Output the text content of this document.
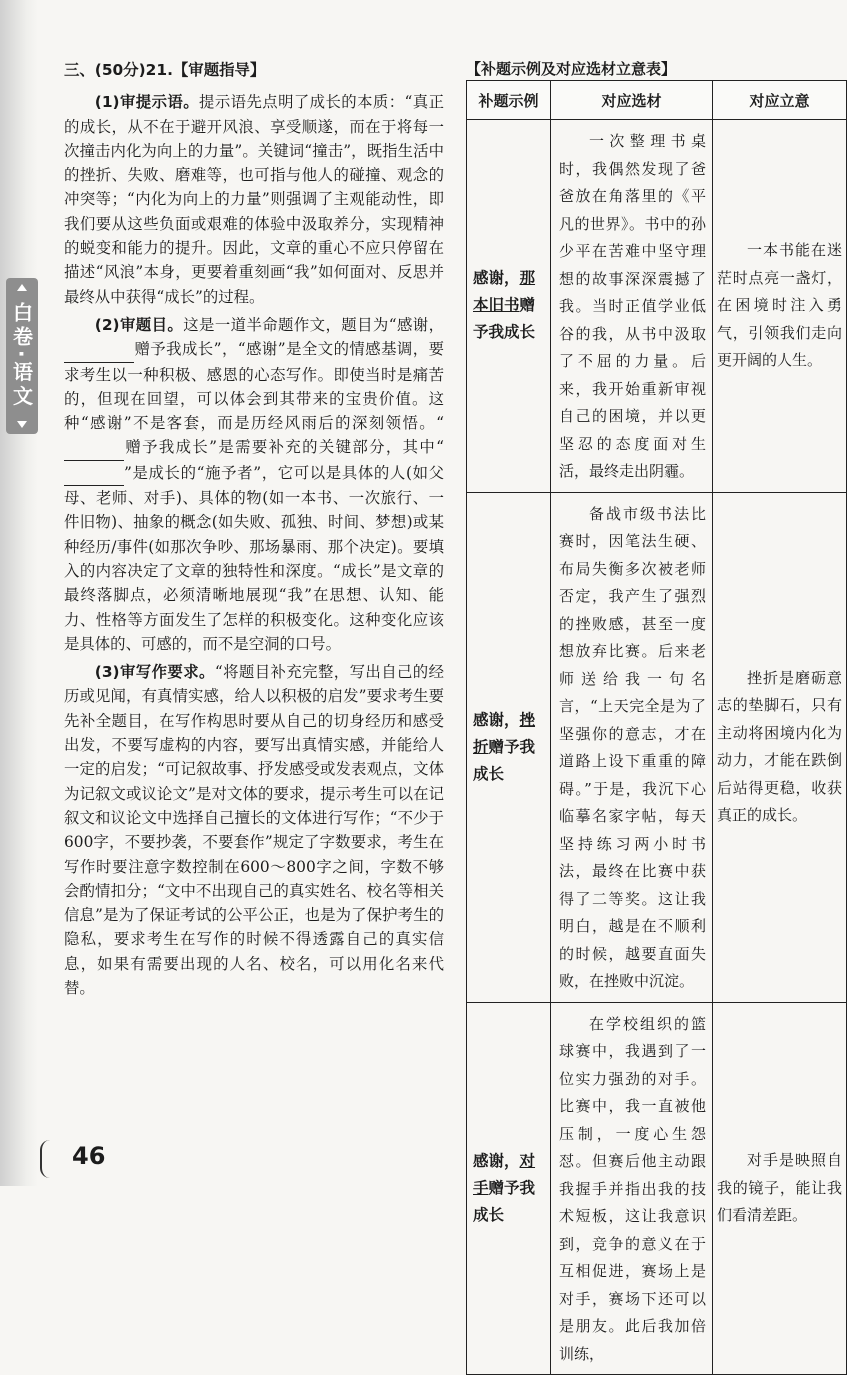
白卷·语文
三、(50分)21.【审题指导】

(1)审提示语。提示语先点明了成长的本质：“真正的成长，从不在于避开风浪、享受顺遂，而在于将每一次撞击内化为向上的力量”。关键词“撞击”，既指生活中的挫折、失败、磨难等，也可指与他人的碰撞、观念的冲突等；“内化为向上的力量”则强调了主观能动性，即我们要从这些负面或艰难的体验中汲取养分，实现精神的蜕变和能力的提升。因此，文章的重心不应只停留在描述“风浪”本身，更要着重刻画“我”如何面对、反思并最终从中获得“成长”的过程。

(2)审题目。这是一道半命题作文，题目为“感谢，赠予我成长”，“感谢”是全文的情感基调，要求考生以一种积极、感恩的心态写作。即使当时是痛苦的，但现在回望，可以体会到其带来的宝贵价值。这种“感谢”不是客套，而是历经风雨后的深刻领悟。“赠予我成长”是需要补充的关键部分，其中“”是成长的“施予者”，它可以是具体的人(如父母、老师、对手)、具体的物(如一本书、一次旅行、一件旧物)、抽象的概念(如失败、孤独、时间、梦想)或某种经历/事件(如那次争吵、那场暴雨、那个决定)。要填入的内容决定了文章的独特性和深度。“成长”是文章的最终落脚点，必须清晰地展现“我”在思想、认知、能力、性格等方面发生了怎样的积极变化。这种变化应该是具体的、可感的，而不是空洞的口号。

(3)审写作要求。“将题目补充完整，写出自己的经历或见闻，有真情实感，给人以积极的启发”要求考生要先补全题目，在写作构思时要从自己的切身经历和感受出发，不要写虚构的内容，要写出真情实感，并能给人一定的启发；“可记叙故事、抒发感受或发表观点，文体为记叙文或议论文”是对文体的要求，提示考生可以在记叙文和议论文中选择自己擅长的文体进行写作；“不少于600字，不要抄袭，不要套作”规定了字数要求，考生在写作时要注意字数控制在600～800字之间，字数不够会酌情扣分；“文中不出现自己的真实姓名、校名等相关信息”是为了保证考试的公平公正，也是为了保护考生的隐私，要求考生在写作的时候不得透露自己的真实信息，如果有需要出现的人名、校名，可以用化名来代替。

46
【补题示例及对应选材立意表】
补题示例	对应选材	对应立意
感谢，那本旧书赠予我成长	一次整理书桌时，我偶然发现了爸爸放在角落里的《平凡的世界》。书中的孙少平在苦难中坚守理想的故事深深震撼了我。当时正值学业低谷的我，从书中汲取了不屈的力量。后来，我开始重新审视自己的困境，并以更坚忍的态度面对生活，最终走出阴霾。	一本书能在迷茫时点亮一盏灯，在困境时注入勇气，引领我们走向更开阔的人生。

感谢，挫折赠予我成长	备战市级书法比赛时，因笔法生硬、布局失衡多次被老师否定，我产生了强烈的挫败感，甚至一度想放弃比赛。后来老师送给我一句名言，“上天完全是为了坚强你的意志，才在道路上设下重重的障碍。”于是，我沉下心临摹名家字帖，每天坚持练习两小时书法，最终在比赛中获得了二等奖。这让我明白，越是在不顺利的时候，越要直面失败，在挫败中沉淀。	挫折是磨砺意志的垫脚石，只有主动将困境内化为动力，才能在跌倒后站得更稳，收获真正的成长。

感谢，对手赠予我成长	在学校组织的篮球赛中，我遇到了一位实力强劲的对手。比赛中，我一直被他压制，一度心生怨怼。但赛后他主动跟我握手并指出我的技术短板，这让我意识到，竞争的意义在于互相促进，赛场上是对手，赛场下还可以是朋友。此后我加倍训练，	对手是映照自我的镜子，能让我们看清差距。
